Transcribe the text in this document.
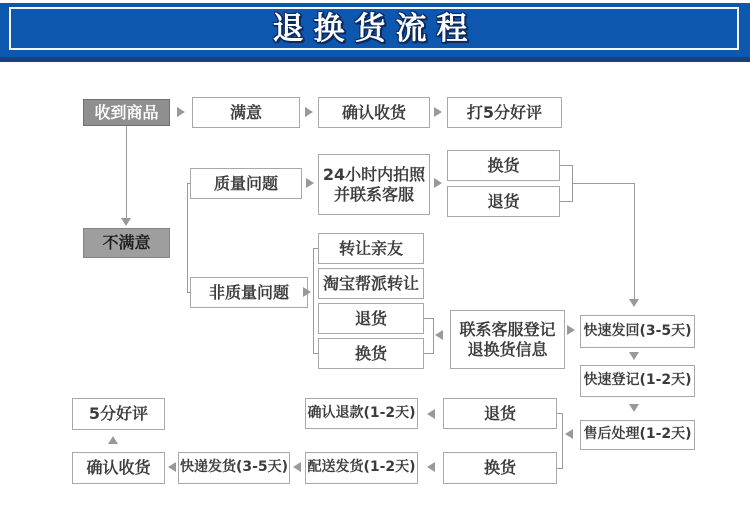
退换货流程
收到商品	满意	确认收货	打5分好评
不满意
质量问题	24小时内拍照
并联系客服
换货
退货
非质量问题
转让亲友
淘宝帮派转让
退货
换货
联系客服登记
退换货信息
快速发回(3-5天)
快速登记(1-2天)
售后处理(1-2天)
5分好评	确认退款(1-2天)	退货
确认收货	快递发货(3-5天) 配送发货(1-2天)	换货
